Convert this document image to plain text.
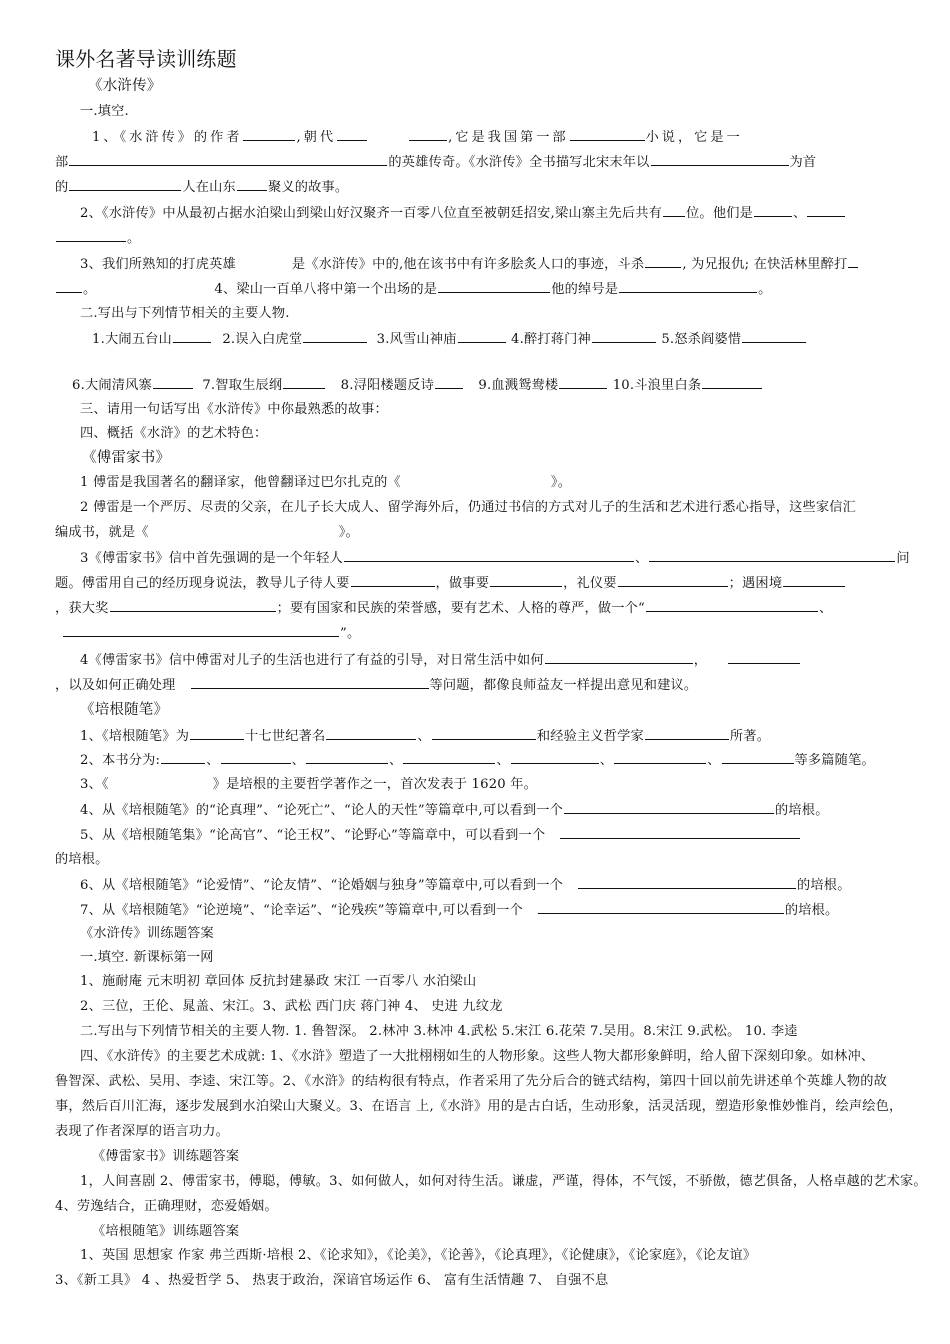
课外名著导读训练题
《水浒传》
一.填空.
1、《水浒传》的作者	,朝代	,它是我国第一部	小说，它是一
部	的英雄传奇。《水浒传》全书描写北宋末年以	为首
的	人在山东 聚义的故事。
2、《水浒传》中从最初占据水泊梁山到梁山好汉聚齐一百零八位直至被朝廷招安,梁山寨主先后共有 位。他们是	、
。
3、我们所熟知的打虎英雄	是《水浒传》中的,他在该书中有许多脍炙人口的事迹，斗杀	, 为兄报仇; 在快活林里醉打
。	4、梁山一百单八将中第一个出场的是	他的绰号是	。
二.写出与下列情节相关的主要人物.
1.大闹五台山	2.误入白虎堂	3.风雪山神庙	4.醉打蒋门神	5.怒杀阎婆惜
6.大闹清风寨	7.智取生辰纲	8.浔阳楼题反诗	9.血溅鸳鸯楼	10.斗浪里白条
三、请用一句话写出《水浒传》中你最熟悉的故事：
四、概括《水浒》的艺术特色：
《傅雷家书》
1 傅雷是我国著名的翻译家，他曾翻译过巴尔扎克的《	》。
2 傅雷是一个严厉、尽责的父亲，在儿子长大成人、留学海外后，仍通过书信的方式对儿子的生活和艺术进行悉心指导，这些家信汇
编成书，就是《	》。
3《傅雷家书》信中首先强调的是一个年轻人	、	问
题。傅雷用自己的经历现身说法，教导儿子待人要	，做事要	，礼仪要	；遇困境
，获大奖	；要有国家和民族的荣誉感，要有艺术、人格的尊严，做一个“	、
”。
4《傅雷家书》信中傅雷对儿子的生活也进行了有益的引导，对日常生活中如何	，
，以及如何正确处理	等问题，都像良师益友一样提出意见和建议。
《培根随笔》
1、《培根随笔》为	十七世纪著名	、	和经验主义哲学家	所著。
2、本书分为:	、	、	、	、	、	、	等多篇随笔。
3、《	》是培根的主要哲学著作之一，首次发表于 1620 年。
4、从《培根随笔》的“论真理”、“论死亡”、“论人的天性”等篇章中,可以看到一个	的培根。
5、从《培根随笔集》“论高官”、“论王权”、“论野心”等篇章中，可以看到一个
的培根。
6、从《培根随笔》“论爱情”、“论友情”、“论婚姻与独身”等篇章中,可以看到一个	的培根。
7、从《培根随笔》“论逆境”、“论幸运”、“论残疾”等篇章中,可以看到一个	的培根。
《水浒传》训练题答案
一.填空. 新课标第一网
1、施耐庵 元末明初 章回体 反抗封建暴政 宋江 一百零八 水泊梁山
2、三位，王伦、晁盖、宋江。3、武松 西门庆 蒋门神 4、 史进 九纹龙
二.写出与下列情节相关的主要人物. 1. 鲁智深。 2.林冲 3.林冲 4.武松 5.宋江 6.花荣 7.吴用。8.宋江 9.武松。 10. 李逵
四、《水浒传》的主要艺术成就: 1、《水浒》塑造了一大批栩栩如生的人物形象。这些人物大都形象鲜明，给人留下深刻印象。如林冲、
鲁智深、武松、吴用、李逵、宋江等。2、《水浒》的结构很有特点，作者采用了先分后合的链式结构，第四十回以前先讲述单个英雄人物的故
事，然后百川汇海，逐步发展到水泊梁山大聚义。3、在语言 上,《水浒》用的是古白话，生动形象，活灵活现，塑造形象惟妙惟肖，绘声绘色，
表现了作者深厚的语言功力。
《傅雷家书》训练题答案
1，人间喜剧 2、傅雷家书，傅聪，傅敏。3、如何做人，如何对待生活。谦虚，严谨，得体，不气馁，不骄傲，德艺俱备，人格卓越的艺术家。
4、劳逸结合，正确理财，恋爱婚姻。
《培根随笔》训练题答案
1、英国 思想家 作家 弗兰西斯·培根 2、《论求知》，《论美》，《论善》，《论真理》，《论健康》，《论家庭》，《论友谊》
3、《新工具》 4 、热爱哲学 5、 热衷于政治，深谙官场运作 6、 富有生活情趣 7、 自强不息
